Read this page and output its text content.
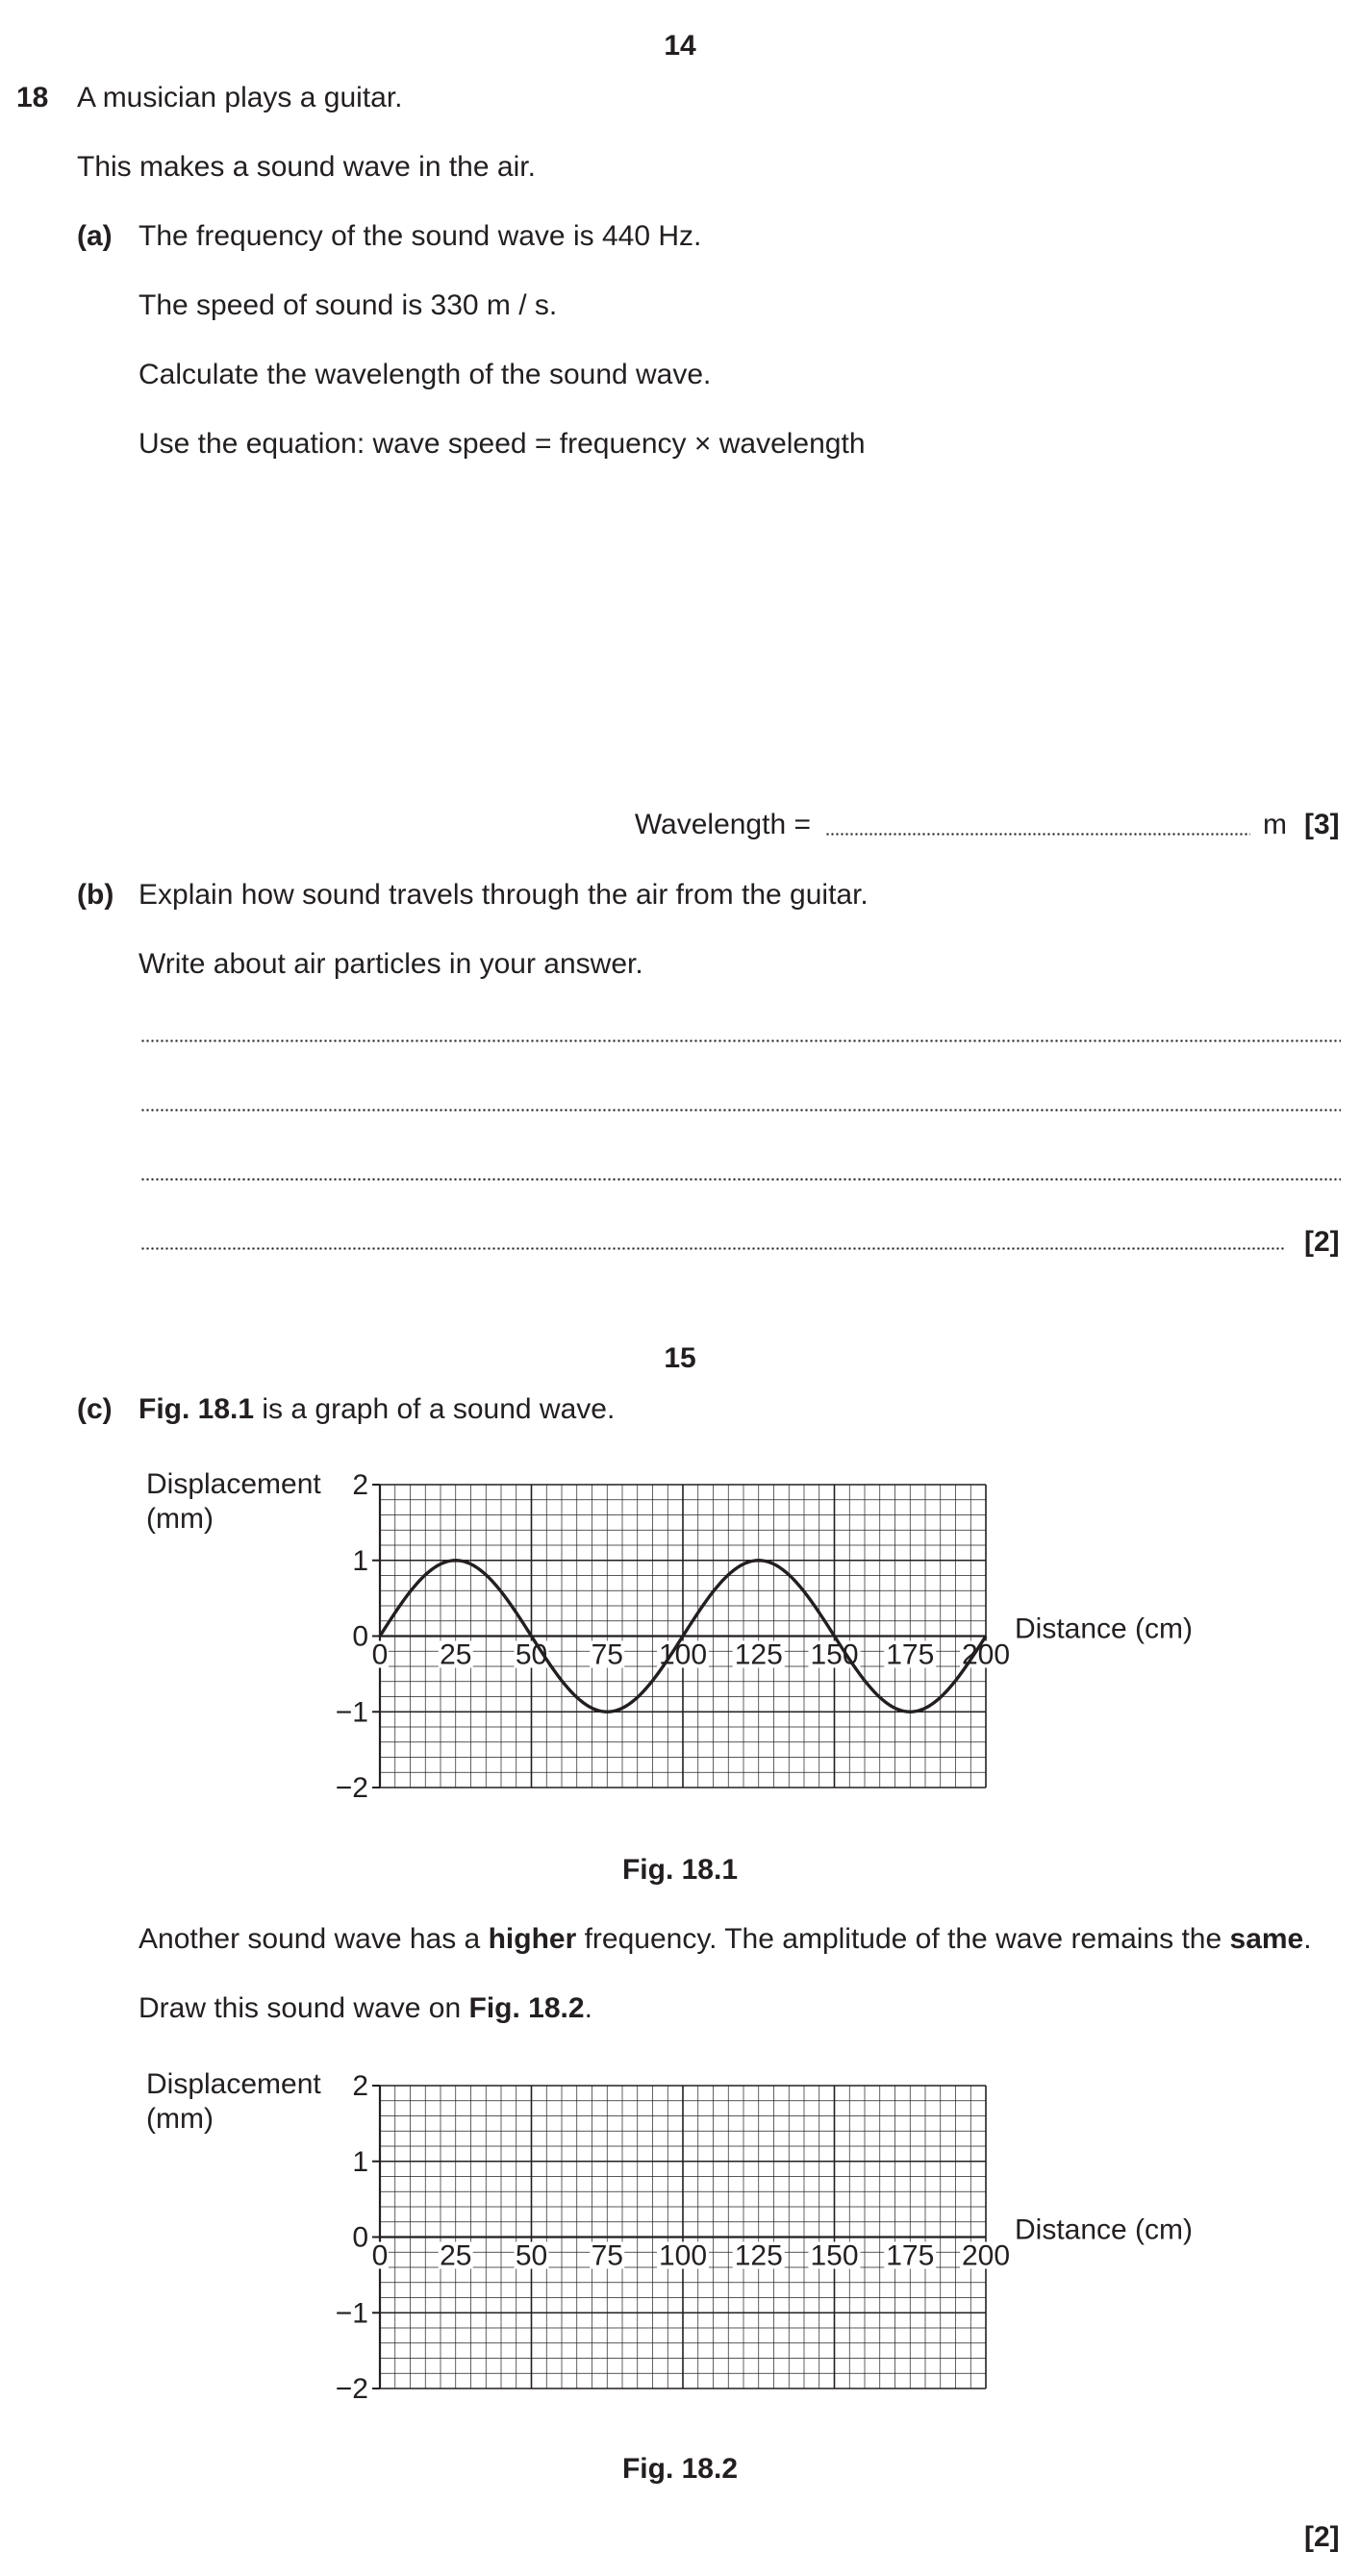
14
18 A musician plays a guitar.
This makes a sound wave in the air.
(a) The frequency of the sound wave is 440 Hz.
The speed of sound is 330 m / s.
Calculate the wavelength of the sound wave.
Use the equation: wave speed = frequency × wavelength
Wavelength =	m [3]
(b) Explain how sound travels through the air from the guitar.
Write about air particles in your answer.
[2]
15
(c) Fig. 18.1 is a graph of a sound wave.
Displacement
(mm)
2
1
0
−1
−2
0 25 50 75 100 125 150 175 200
Distance (cm)
2
1
0
−1
−2
0 25 50 75 100 125 150 175 200
Distance (cm)
Fig. 18.1
Another sound wave has a higher frequency. The amplitude of the wave remains the same.
Draw this sound wave on Fig. 18.2.
Displacement
(mm)
Fig. 18.2
[2]
